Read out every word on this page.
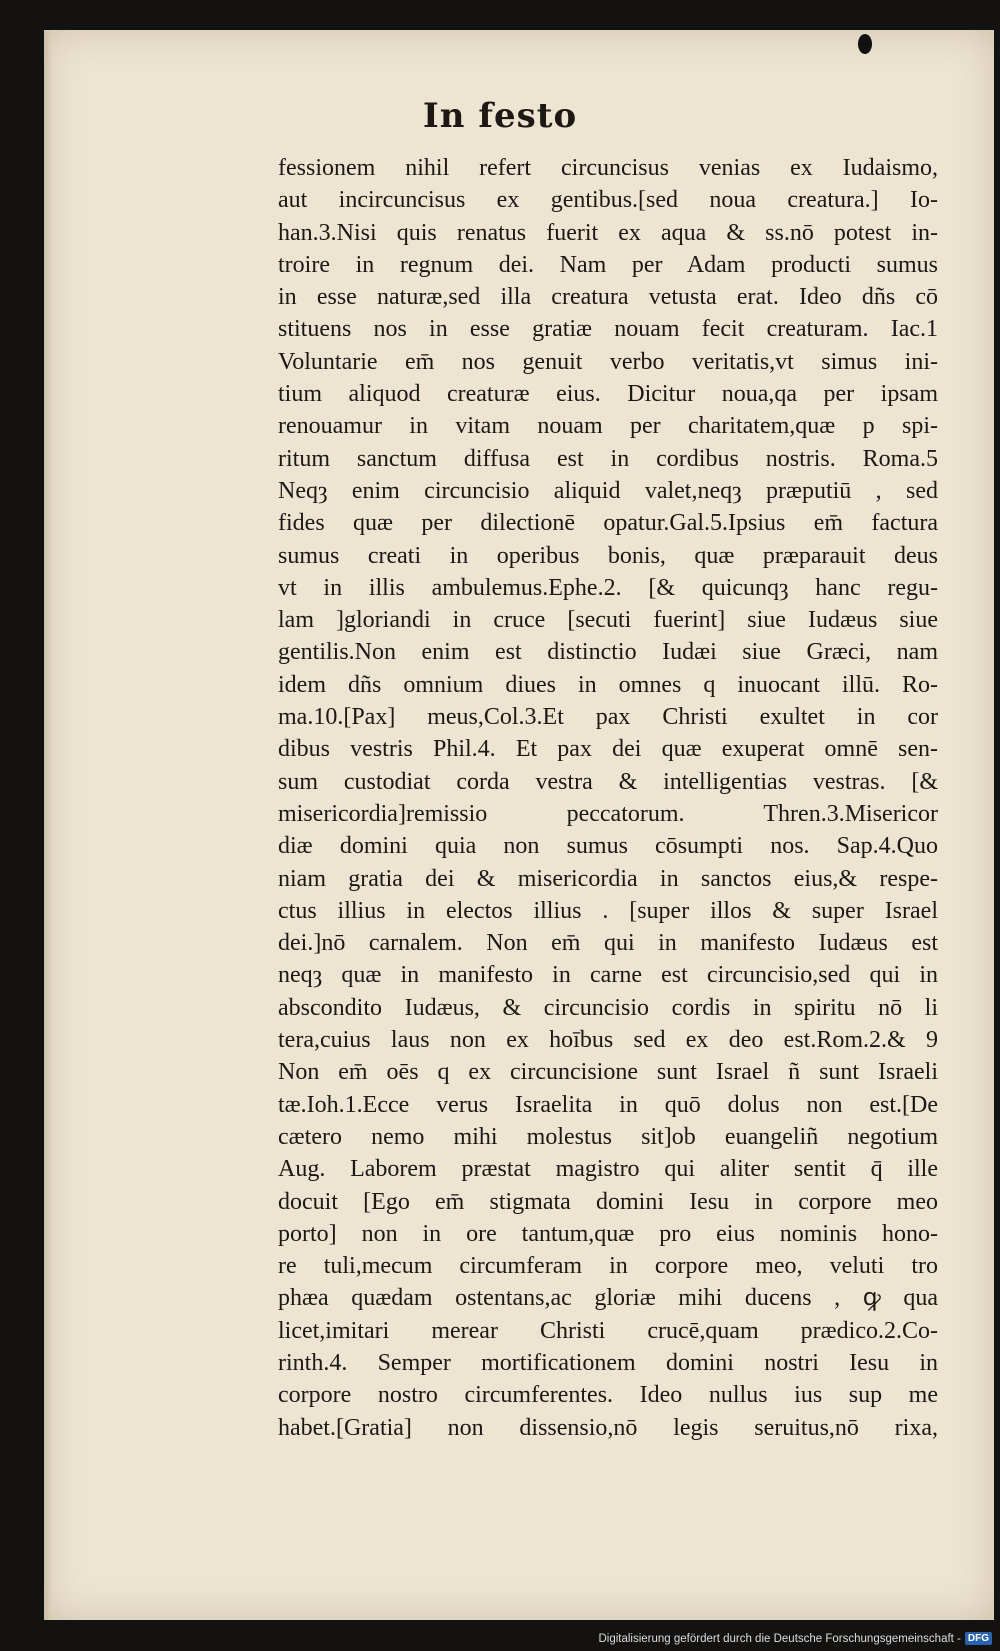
In festo
fessionem nihil refert circuncisus venias ex Iudaismo,
aut incircuncisus ex gentibus.[sed noua creatura.] Io-
han.3.Nisi quis renatus fuerit ex aqua & ss.nō potest in-
troire in regnum dei. Nam per Adam producti sumus
in esse naturæ,sed illa creatura vetusta erat. Ideo dñs cō
stituens nos in esse gratiæ nouam fecit creaturam. Iac.1
Voluntarie em̄ nos genuit verbo veritatis,vt simus ini-
tium aliquod creaturæ eius. Dicitur noua,qa per ipsam
renouamur in vitam nouam per charitatem,quæ p spi-
ritum sanctum diffusa est in cordibus nostris. Roma.5
Neqȝ enim circuncisio aliquid valet,neqȝ præputiū , sed
fides quæ per dilectionē opatur.Gal.5.Ipsius em̄ factura
sumus creati in operibus bonis, quæ præparauit deus
vt in illis ambulemus.Ephe.2. [& quicunqȝ hanc regu-
lam ]gloriandi in cruce [secuti fuerint] siue Iudæus siue
gentilis.Non enim est distinctio Iudæi siue Græci, nam
idem dñs omnium diues in omnes q inuocant illū. Ro-
ma.10.[Pax] meus,Col.3.Et pax Christi exultet in cor
dibus vestris Phil.4. Et pax dei quæ exuperat omnē sen-
sum custodiat corda vestra & intelligentias vestras. [&
misericordia]remissio peccatorum. Thren.3.Misericor
diæ domini quia non sumus cōsumpti nos. Sap.4.Quo
niam gratia dei & misericordia in sanctos eius,& respe-
ctus illius in electos illius . [super illos & super Israel
dei.]nō carnalem. Non em̄ qui in manifesto Iudæus est
neqȝ quæ in manifesto in carne est circuncisio,sed qui in
abscondito Iudæus, & circuncisio cordis in spiritu nō li
tera,cuius laus non ex hoībus sed ex deo est.Rom.2.& 9
Non em̄ oēs q ex circuncisione sunt Israel ñ sunt Israeli
tæ.Ioh.1.Ecce verus Israelita in quō dolus non est.[De
cætero nemo mihi molestus sit]ob euangeliñ negotium
Aug. Laborem præstat magistro qui aliter sentit q̄ ille
docuit [Ego em̄ stigmata domini Iesu in corpore meo
porto] non in ore tantum,quæ pro eius nominis hono-
re tuli,mecum circumferam in corpore meo, veluti tro
phæa quædam ostentans,ac gloriæ mihi ducens , ꝙ qua
licet,imitari merear Christi crucē,quam prædico.2.Co-
rinth.4. Semper mortificationem domini nostri Iesu in
corpore nostro circumferentes. Ideo nullus ius sup me
habet.[Gratia] non dissensio,nō legis seruitus,nō rixa,
Digitalisierung gefördert durch die Deutsche Forschungsgemeinschaft - DFG
